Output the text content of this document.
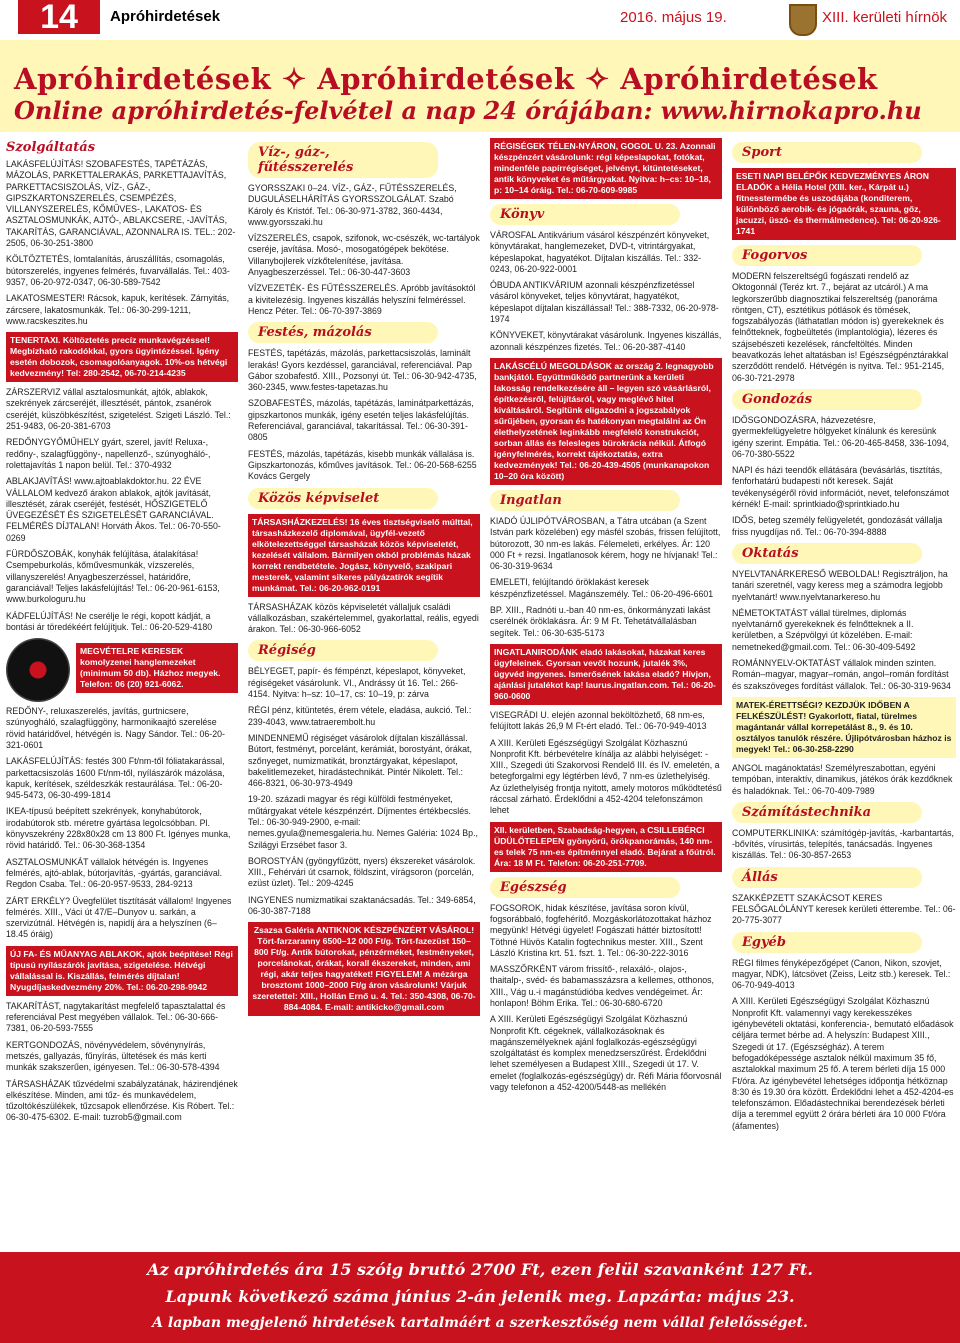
14	Apróhirdetések	2016. május 19.	XIII. kerületi hírnök
Apróhirdetések ✧ Apróhirdetések ✧ Apróhirdetések
Online apróhirdetés-felvétel a nap 24 órájában: www.hirnokapro.hu
Szolgáltatás

LAKÁSFELÚJÍTÁS! SZOBAFESTÉS, TAPÉTÁZÁS, MÁZOLÁS, PARKETTALERAKÁS, PARKETTAJAVÍTÁS, PARKETTACSISZOLÁS, VÍZ-, GÁZ-, GIPSZKARTONSZERELÉS, CSEMPÉZÉS, VILLANYSZERELÉS, KŐMŰVES-, LAKATOS- ÉS ASZTALOSMUNKÁK, AJTÓ-, ABLAKCSERE, -JAVÍTÁS, TAKARÍTÁS, GARANCIÁVAL, AZONNALRA IS. TEL.: 202-2505, 06-30-251-3800

KÖLTÖZTETÉS, lomtalanítás, áruszállítás, csomagolás, bútorszerelés, ingyenes felmérés, fuvarvállalás. Tel.: 403-9357, 06-20-972-0347, 06-30-589-7542

LAKATOSMESTER! Rácsok, kapuk, kerítések. Zárnyitás, zárcsere, lakatosmunkák. Tel.: 06-30-299-1211, www.racskeszites.hu

TENERTAXI. Költöztetés precíz munkavégzéssel! Megbízható rakodókkal, gyors ügyintézéssel. Igény esetén dobozok, csomagolóanyagok. 10%-os hétvégi kedvezmény! Tel: 280-2542, 06-70-214-4235

ZÁRSZERVIZ vállal asztalosmunkát, ajtók, ablakok, szekrények zárcseréjét, illesztését, pántok, zsanérok cseréjét, küszöbkészítést, szigetelést. Szigeti László. Tel.: 251-9483, 06-20-381-6703

REDŐNYGYŐMŰHELY gyárt, szerel, javít! Reluxa-, redőny-, szalagfüggöny-, napellenző-, szúnyogháló-, rolettajavítás 1 napon belül. Tel.: 370-4932

ABLAKJAVÍTÁS! www.ajtoablakdoktor.hu. 22 ÉVE VÁLLALOM kedvező árakon ablakok, ajtók javítását, illesztését, zárak cseréjét, festését, HŐSZIGETELŐ ÜVEGEZÉSÉT ÉS SZIGETELÉSÉT GARANCIÁVAL. FELMÉRÉS DÍJTALAN! Horváth Ákos. Tel.: 06-70-550-0269

FÜRDŐSZOBÁK, konyhák felújítása, átalakítása! Csempeburkolás, kőművesmunkák, vízszerelés, villanyszerelés! Anyagbeszerzéssel, határidőre, garanciával! Teljes lakásfelújítás! Tel.: 06-20-961-6153, www.burkologuru.hu

KÁDFELÚJÍTÁS! Ne cserélje le régi, kopott kádját, a bontási ár töredékéért felújítjuk. Tel.: 06-20-529-4180

MEGVÉTELRE KERESEK komolyzenei hanglemezeket (minimum 50 db). Házhoz megyek. Telefon: 06 (20) 921-6062.

REDŐNY-, reluxaszerelés, javítás, gurtnicsere, szúnyogháló, szalagfüggöny, harmonikaajtó szerelése rövid határidővel, hétvégén is. Nagy Sándor. Tel.: 06-20-321-0601

LAKÁSFELÚJÍTÁS: festés 300 Ft/nm-től fóliatakarással, parkettacsiszolás 1600 Ft/nm-től, nyílászárók mázolása, kapuk, kerítések, széldeszkák restaurálása. Tel.: 06-20-945-5473, 06-30-499-1814

IKEA-típusú beépített szekrények, konyhabútorok, irodabútorok stb. méretre gyártása legolcsóbban. Pl. könyvszekrény 228x80x28 cm 13 800 Ft. Igényes munka, rövid határidő. Tel.: 06-30-368-1354

ASZTALOSMUNKÁT vállalok hétvégén is. Ingyenes felmérés, ajtó-ablak, bútorjavítás, -gyártás, garanciával. Regdon Csaba. Tel.: 06-20-957-9533, 284-9213

ZÁRT ERKÉLY? Üvegfelület tisztítását vállalom! Ingyenes felmérés. XIII., Váci út 47/E–Dunyov u. sarkán, a szervizútnál. Hétvégén is, napidíj ára a helyszínen (6–18.45 óráig)

ÚJ FA- ÉS MŰANYAG ABLAKOK, ajtók beépítése! Régi típusú nyílászárók javítása, szigetelése. Hétvégi vállalással is. Kiszállás, felmérés díjtalan! Nyugdíjaskedvezmény 20%. Tel.: 06-20-298-9942

TAKARÍTÁST, nagytakarítást megfelelő tapasztalattal és referenciával Pest megyében vállalok. Tel.: 06-30-666-7381, 06-20-593-7555

KERTGONDOZÁS, növényvédelem, sövénynyírás, metszés, gallyazás, fűnyírás, ültetések és más kerti munkák szakszerűen, igényesen. Tel.: 06-30-578-4394

TÁRSASHÁZAK tűzvédelmi szabályzatának, házirendjének elkészítése. Minden, ami tűz- és munkavédelem, tűzoltókészülékek, tűzcsapok ellenőrzése. Kis Róbert. Tel.: 06-30-475-6302. E-mail: tuzrob5@gmail.com

Víz-, gáz-, fűtésszerelés

GYORSSZAKI 0–24. VÍZ-, GÁZ-, FŰTÉSSZERELÉS, DUGULÁSELHÁRÍTÁS GYORSSZOLGÁLAT. Szabó Károly és Kristóf. Tel.: 06-30-971-3782, 360-4434, www.gyorsszaki.hu

VÍZSZERELÉS, csapok, szifonok, wc-csészék, wc-tartályok cseréje, javítása. Mosó-, mosogatógépek bekötése. Villanybojlerek vízkőtelenítése, javítása. Anyagbeszerzéssel. Tel.: 06-30-447-3603

VÍZVEZETÉK- ÉS FŰTÉSSZERELÉS. Apróbb javításoktól a kivitelezésig. Ingyenes kiszállás helyszíni felméréssel. Hencz Péter. Tel.: 06-70-397-3869

Festés, mázolás

FESTÉS, tapétázás, mázolás, parkettacsiszolás, laminált lerakás! Gyors kezdéssel, garanciával, referenciával. Pap Gábor szobafestő. XIII., Pozsonyi út. Tel.: 06-30-942-4735, 360-2345, www.festes-tapetazas.hu

SZOBAFESTÉS, mázolás, tapétázás, laminátparkettázás, gipszkartonos munkák, igény esetén teljes lakásfelújítás. Referenciával, garanciával, takarítással. Tel.: 06-30-391-0805

FESTÉS, mázolás, tapétázás, kisebb munkák vállalása is. Gipszkartonozás, kőműves javítások. Tel.: 06-20-568-6255 Kovács Gergely

Közös képviselet
TÁRSASHÁZKEZELÉS! 16 éves tisztségviselő múlttal, társasházkezelő diplomával, ügyfél-vezető elkötelezettséggel társasházak közös képviseletét, kezelését vállalom. Bármilyen okból problémás házak korrekt rendbetétele. Jogász, könyvelő, szakipari mesterek, valamint sikeres pályázatírók segítik munkámat. Tel.: 06-20-962-0191

TÁRSASHÁZAK közös képviseletét vállaljuk családi vállalkozásban, szakértelemmel, gyakorlattal, reális, egyedi árakon. Tel.: 06-30-966-6052

Régiség

BÉLYEGET, papír- és fémpénzt, képeslapot, könyveket, régiségeket vásárolunk. VI., Andrássy út 16. Tel.: 266-4154. Nyitva: h–sz: 10–17, cs: 10–19, p: zárva

RÉGI pénz, kitüntetés, érem vétele, eladása, aukció. Tel.: 239-4043, www.tatraerembolt.hu

MINDENNEMŰ régiséget vásárolok díjtalan kiszállással. Bútort, festményt, porcelánt, kerámiát, borostyánt, órákat, szőnyeget, numizmatikát, bronztárgyakat, képeslapot, bakelitlemezeket, hiradástechnikát. Pintér Nikolett. Tel.: 466-8321, 06-30-973-4949

19-20. századi magyar és régi külföldi festményeket, műtárgyakat vétele készpénzért. Díjmentes értékbecslés. Tel.: 06-30-949-2900, e-mail: nemes.gyula@nemesgaleria.hu. Nemes Galéria: 1024 Bp., Szilágyi Erzsébet fasor 3.

BOROSTYÁN (gyöngyfűzött, nyers) ékszereket vásárolok. XIII., Fehérvári út csarnok, földszint, vírágsoron (porcelán, ezüst üzlet). Tel.: 209-4245

INGYENES numizmatikai szaktanácsadás. Tel.: 349-6854, 06-30-387-7188

Zsazsa Galéria ANTIKNOK KÉSZPÉNZÉRT VÁSÁROL! Tört-farzaranny 6500–12 000 Ft/g. Tört-fazezüst 150–800 Ft/g. Antik bútorokat, pénzérméket, festményeket, porcelánokat, órákat, korall ékszereket, minden, ami régi, akár teljes hagyatéket! FIGYELEM! A mézárga brosztomt 1000–2000 Ft/g áron vásárolunk! Várjuk szeretettel: XIII., Hollán Ernő u. 4. Tel.: 350-4308, 06-70-884-4084. E-mail: antikicko@gmail.com
RÉGISÉGEK TÉLEN-NYÁRON, GOGOL U. 23. Azonnali készpénzért vásárolunk: régi képeslapokat, fotókat, mindenféle papírrégiséget, jelvényt, kitüntetéseket, antik könyveket és műtárgyakat. Nyitva: h–cs: 10–18, p: 10–14 óráig. Tel.: 06-70-609-9985
Könyv

VÁROSFAL Antikvárium vásárol készpénzért könyveket, könyvtárakat, hanglemezeket, DVD-t, vitrintárgyakat, képeslapokat, hagyatékot. Díjtalan kiszállás. Tel.: 332-0243, 06-20-922-0001

ÓBUDA ANTIKVÁRIUM azonnali készpénzfizetéssel vásárol könyveket, teljes könyvtárat, hagyatékot, képeslapot díjtalan kiszállással! Tel.: 388-7332, 06-20-978-1974

KÖNYVEKET, könyvtárakat vásárolunk. Ingyenes kiszállás, azonnali készpénzes fizetés. Tel.: 06-20-387-4140

LAKÁSCÉLÚ MEGOLDÁSOK az ország 2. legnagyobb bankjától. Együttműködő partnerünk a kerületi lakosság rendelkezésére áll – legyen szó vásárlásról, építkezésről, felújításról, vagy meglévő hitel kiváltásáról. Segítünk eligazodni a jogszabályok sűrűjében, gyorsan és hatékonyan megtalálni az Ön élethelyzetének leginkább megfelelő konstrukciót, sorban állás és felesleges bürokrácia nélkül. Átfogó igényfelmérés, korrekt tájékoztatás, extra kedvezmények! Tel.: 06-20-439-4505 (munkanapokon 10–20 óra között)
Ingatlan

KIADÓ ÚJLIPÓTVÁROSBAN, a Tátra utcában (a Szent István park közelében) egy másfél szobás, frissen felújított, bútorozott, 30 nm-es lakás. Félemeleti, erkélyes. Ár: 120 000 Ft + rezsi. Ingatlanosok kérem, hogy ne hívjanak! Tel.: 06-30-319-9634

EMELETI, felújítandó öröklakást keresek készpénzfizetéssel. Magánszemély. Tel.: 06-20-496-6601

BP. XIII., Radnóti u.-ban 40 nm-es, önkormányzati lakást cserélnék öröklakásra. Ár: 9 M Ft. Tehetátvállalásban segítek. Tel.: 06-30-635-5173

INGATLANIRODÁNK eladó lakásokat, házakat keres ügyfeleinek. Gyorsan vevőt hozunk, jutalék 3%, ügyvéd ingyenes. Ismerősének lakása eladó? Hívjon, ajánlási jutalékot kap! laurus.ingatlan.com. Tel.: 06-20-960-0600

VISEGRÁDI U. elején azonnal beköltözhető, 68 nm-es, felújított lakás 26,9 M Ft-ért eladó. Tel.: 06-70-949-4013

A XIII. Kerületi Egészségügyi Szolgálat Közhasznú Nonprofit Kft. bérbevételre kínálja az alábbi helyiséget: - XIII., Szegedi úti Szakorvosi Rendelő III. és IV. emeletén, a betegforgalmi egy légtérben lévő, 7 nm-es üzlethelyiség. Az üzlethelyiség frontja nyitott, amely motoros működtetésű ráccsal zárható. Érdeklődni a 452-4204 telefonszámon lehet

XII. kerületben, Szabadság-hegyen, a CSILLEBÉRCI ÜDÜLŐTELEPEN gyönyörű, örökpanorámás, 140 nm-es telek 75 nm-es építménnyel eladó. Bejárat a főútról. Ára: 18 M Ft. Telefon: 06-20-251-7709.
Egészség

FOGSOROK, hidak készítése, javítása soron kívül, fogsorábbaló, fogfehérítő. Mozgáskorlátozottakat házhoz megyünk! Hétvégi ügyelet! Fogászati háttér biztosított! Töthné Hüvös Katalin fogtechnikus mester. XIII., Szent László Kristina krt. 51. fszt. 1. Tel.: 06-30-222-3016

MASSZŐRKÉNT várom frissítő-, relaxáló-, olajos-, thaitalp-, svéd- és babamasszázsra a kellemes, otthonos, XIII., Vág u.-i magánstúdióba kedves vendégeimet. Ár: honlapon! Böhm Erika. Tel.: 06-30-680-6720

A XIII. Kerületi Egészségügyi Szolgálat Közhasznú Nonprofit Kft. cégeknek, vállalkozásoknak és magánszemélyeknek ajánl foglalkozás-egészségügyi szolgáltatást és komplex menedzserszűrést. Érdeklődni lehet személyesen a Budapest XIII., Szegedi út 17. V. emelet (foglalkozás-egészségügy) dr. Réfi Mária főorvosnál vagy telefonon a 452-4200/5448-as mellékén

Sport
ESETI NAPI BELÉPŐK KEDVEZMÉNYES ÁRON ELADÓK a Hélia Hotel (XIII. ker., Kárpát u.) fitnesstermébe és uszodájába (konditerem, különböző aerobik- és jógaórák, szauna, gőz, jacuzzi, üszó- és thermálmedence). Tel: 06-20-926-1741
Fogorvos

MODERN felszereltségű fogászati rendelő az Oktogonnál (Teréz krt. 7., bejárat az utcáról.) A ma legkorszerűbb diagnosztikai felszereltség (panoráma röntgen, CT), esztétikus pótlások és tömések, fogszabályozás (láthatatlan módon is) gyerekeknek és felnőtteknek, fogbeültetés (implantológia), lézeres és szájsebészeti kezelések, ráncfeltöltés. Minden beavatkozás lehet altatásban is! Egészségpénztárakkal szerződött rendelő. Hétvégén is nyitva. Tel.: 951-2145, 06-30-721-2978

Gondozás

IDŐSGONDOZÁSRA, házvezetésre, gyermekfelügyeletre hölgyeket kínálunk és keresünk igény szerint. Empátia. Tel.: 06-20-465-8458, 336-1094, 06-70-380-5522

NAPI és házi teendők ellátására (bevásárlás, tisztítás, fenforhatárú budapesti nőt keresek. Saját tevékenységéről rövid információt, nevet, telefonszámot kérnék! E-mail: sprintkiado@sprintkiado.hu

IDŐS, beteg személy felügyeletét, gondozását vállalja friss nyugdíjas nő. Tel.: 06-70-394-8888

Oktatás

NYELVTANÁRKERESŐ WEBOLDAL! Regisztráljon, ha tanári szeretnél, vagy keress meg a számodra legjobb nyelvtanárt! www.nyelvtanarkereso.hu

NÉMETOKTATÁST vállal türelmes, diplomás nyelvtanárnő gyerekeknek és felnőtteknek a II. kerületben, a Szépvölgyi út közelében. E-mail: nemetneked@gmail.com. Tel.: 06-30-409-5492

ROMÁNNYELV-OKTATÁST vállalok minden szinten. Román–magyar, magyar–román, angol–román fordítást és szakszöveges fordítást vállalok. Tel.: 06-30-319-9634

MATEK-ÉRETTSÉGI? KEZDJÜK IDŐBEN A FELKÉSZÜLÉST! Gyakorlott, fiatal, türelmes magántanár vállal korrepetálást 8., 9. és 10. osztályos tanulók részére. Újlipótvárosban házhoz is megyek! Tel.: 06-30-258-2290

ANGOL magánoktatás! Személyreszabottan, egyéni tempóban, interaktív, dinamikus, játékos órák kezdőknek és haladóknak. Tel.: 06-70-409-7989

Számítástechnika

COMPUTERKLINIKA: számítógép-javítás, -karbantartás, -bővítés, vírusirtás, telepítés, tanácsadás. Ingyenes kiszállás. Tel.: 06-30-857-2653

Állás

SZAKKÉPZETT SZAKÁCSOT KERES FELSŐGALÓLÁNYT keresek kerületi étterembe. Tel.: 06-20-775-3077

Egyéb

RÉGI filmes fényképezőgépet (Canon, Nikon, szovjet, magyar, NDK), látcsövet (Zeiss, Leitz stb.) keresek. Tel.: 06-70-949-4013

A XIII. Kerületi Egészségügyi Szolgálat Közhasznú Nonprofit Kft. valamennyi vagy kerekesszékes igénybevételi oktatási, konferencia-, bemutató előadások céljára termet bérbe ad. A helyszín: Budapest XIII., Szegedi út 17. (Egészségház). A terem befogadóképessége asztalok nélkül maximum 35 fő, asztalokkal maximum 25 fő. A terem bérleti díja 15 000 Ft/óra. Az igénybevétel lehetséges időpontja hétköznap 8:30 és 19.30 óra között. Érdeklődni lehet a 452-4204-es telefonszámon. Előadástechnikai berendezések bérleti díja a teremmel együtt 2 órára bérleti ára 10 000 Ft/óra (áfamentes)

Az apróhirdetés ára 15 szóig bruttó 2700 Ft, ezen felül szavanként 127 Ft.
Lapunk következő száma június 2-án jelenik meg. Lapzárta: május 23.
A lapban megjelenő hirdetések tartalmáért a szerkesztőség nem vállal felelősséget.
